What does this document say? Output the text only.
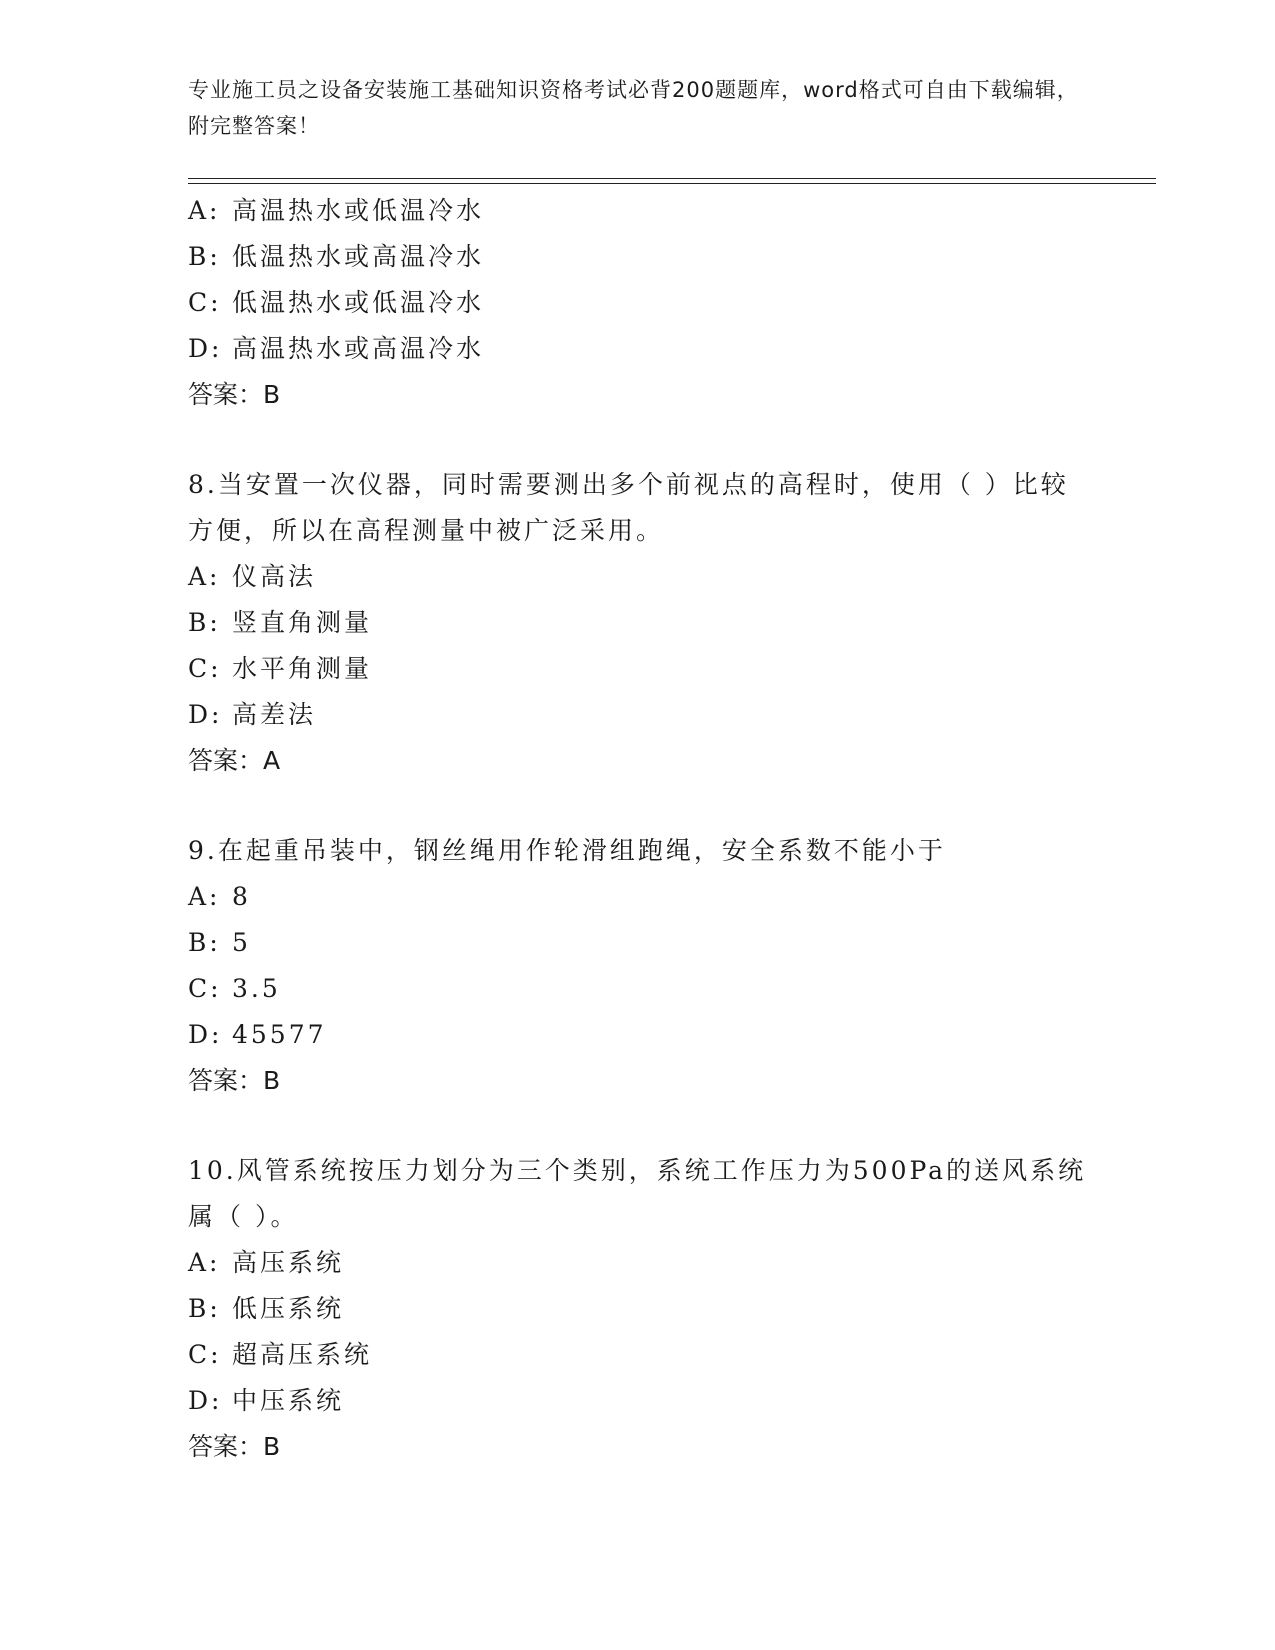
专业施工员之设备安装施工基础知识资格考试必背200题题库，word格式可自由下载编辑，附完整答案！
A: 高温热水或低温冷水
B: 低温热水或高温冷水
C: 低温热水或低温冷水
D: 高温热水或高温冷水
答案：B

8.当安置一次仪器，同时需要测出多个前视点的高程时，使用（ ）比较方便，所以在高程测量中被广泛采用。

A: 仪高法
B: 竖直角测量
C: 水平角测量
D: 高差法
答案：A

9.在起重吊装中，钢丝绳用作轮滑组跑绳，安全系数不能小于

A: 8
B: 5
C: 3.5
D: 45577
答案：B

10.风管系统按压力划分为三个类别，系统工作压力为500Pa的送风系统属（ ）。

A: 高压系统
B: 低压系统
C: 超高压系统
D: 中压系统
答案：B
